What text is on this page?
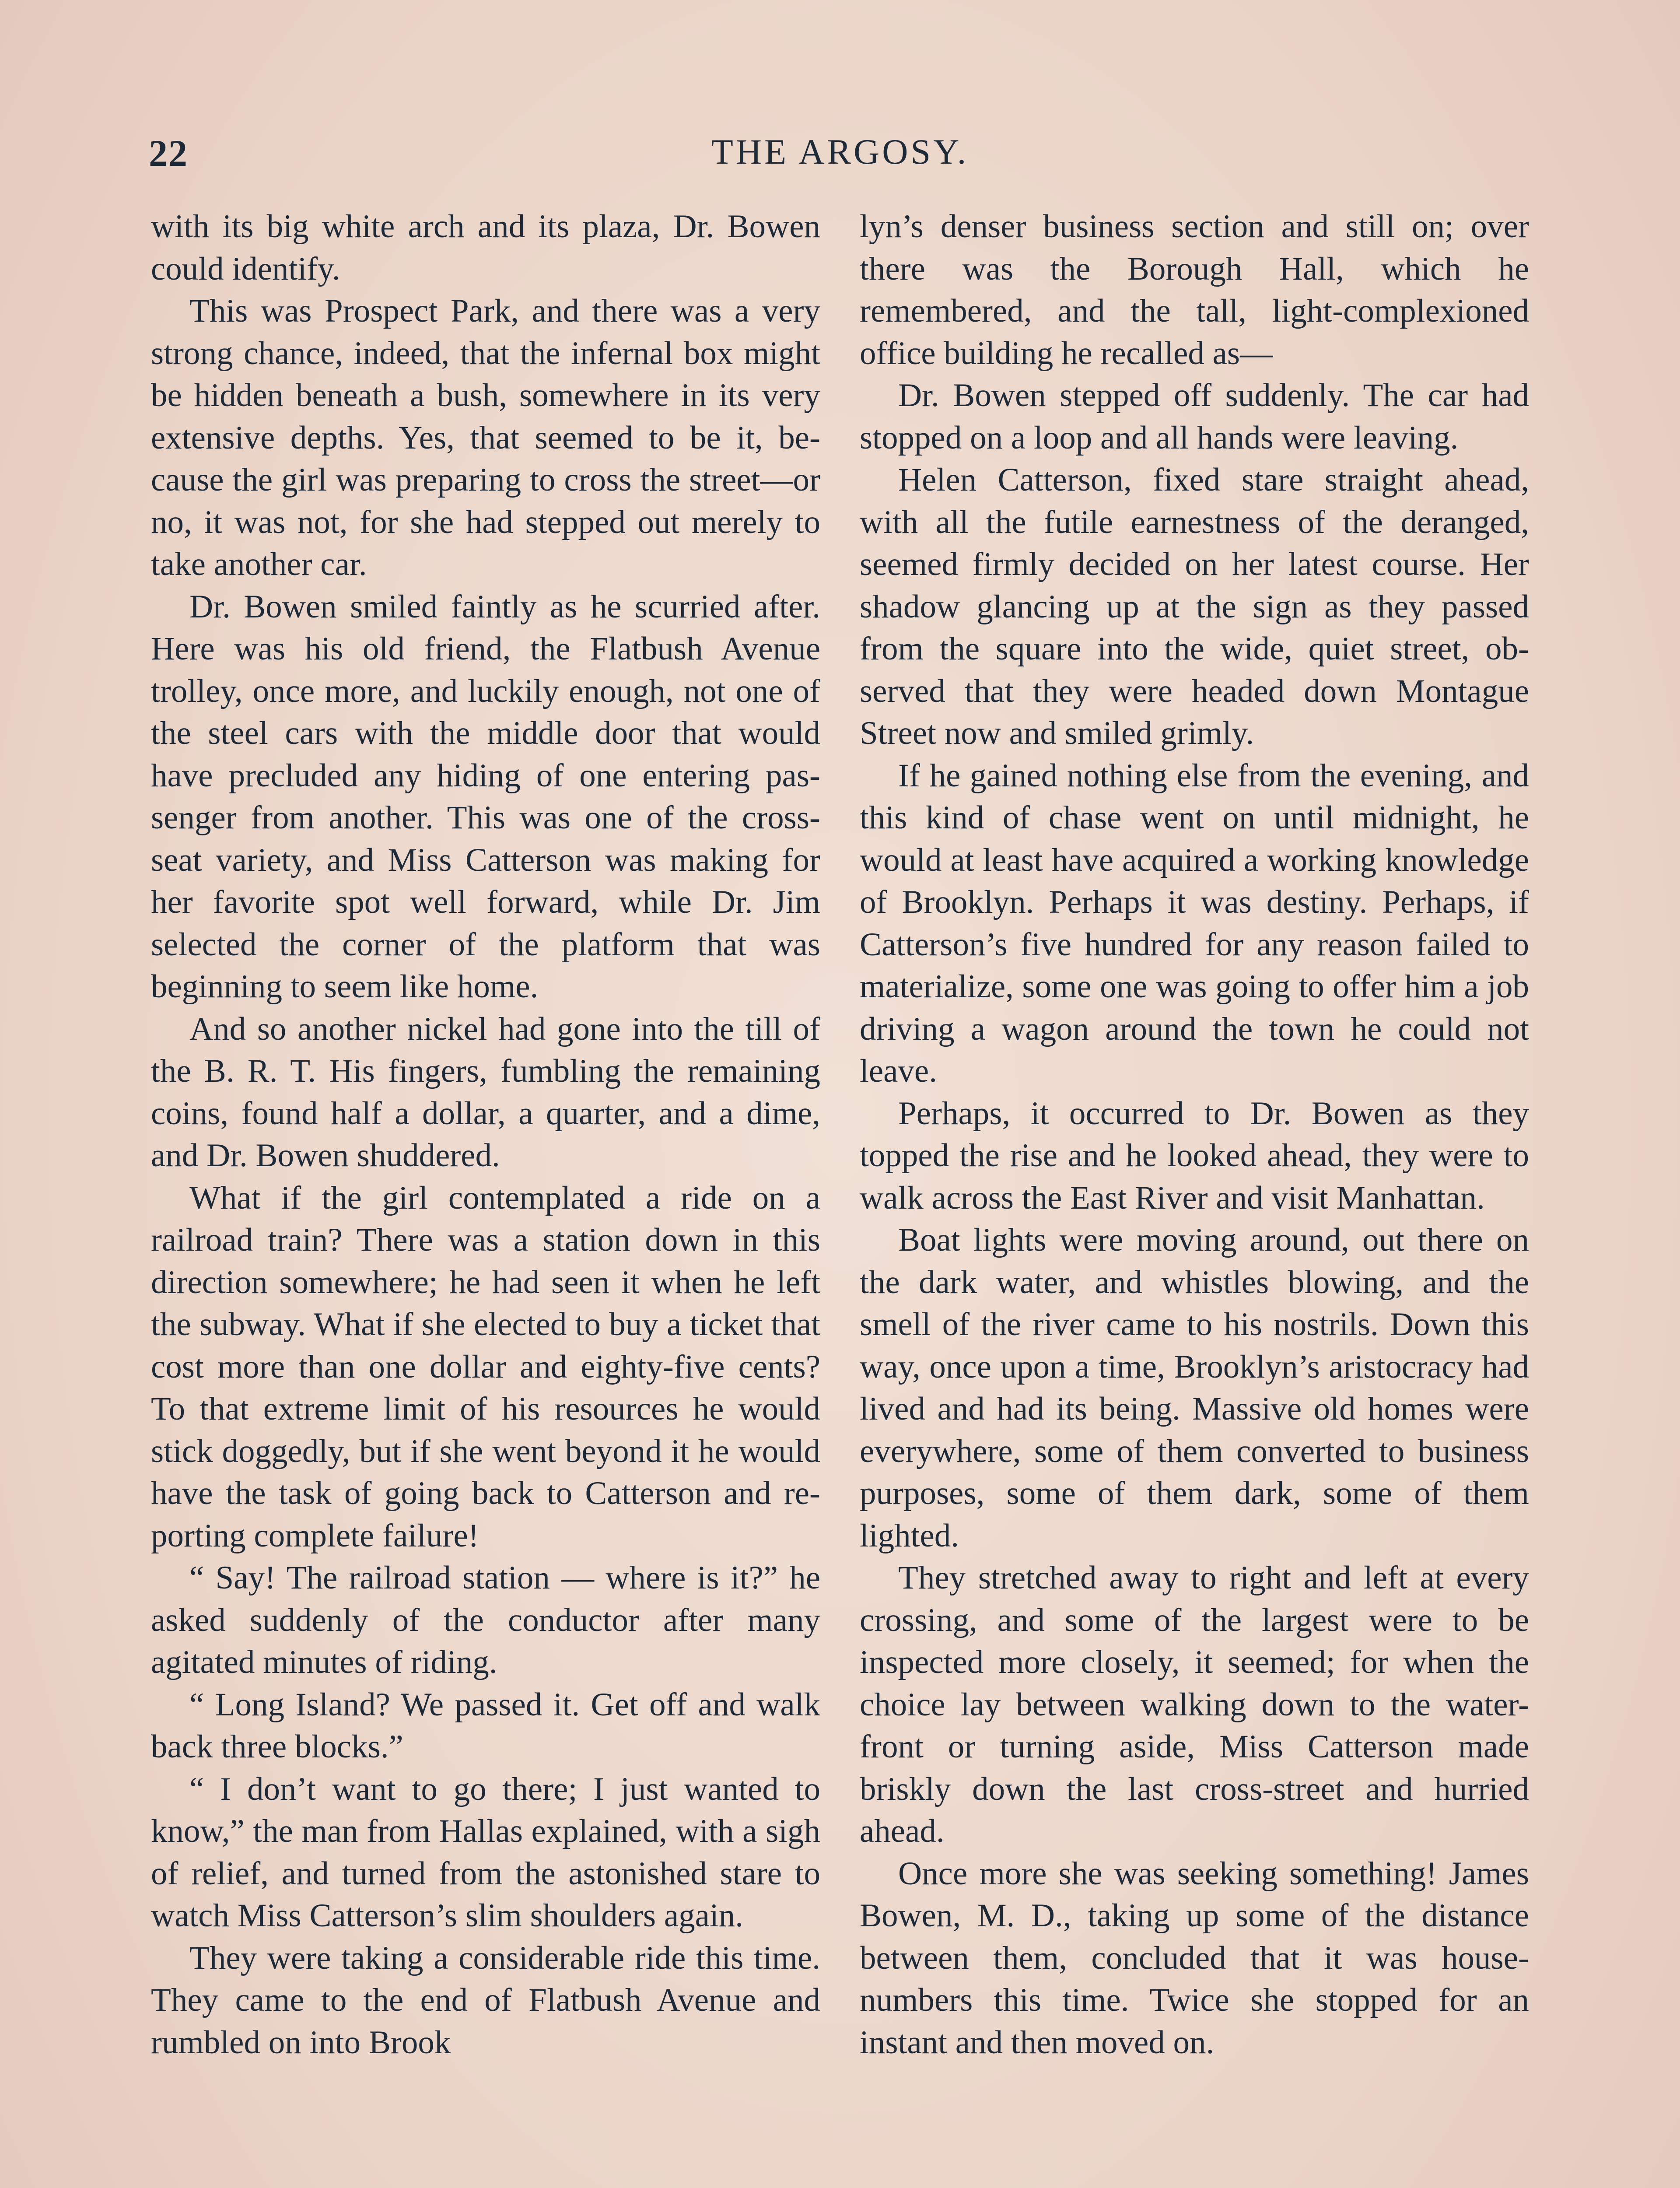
22	THE ARGOSY.

with its big white arch and its plaza, Dr. Bowen could identify.

This was Prospect Park, and there was a very strong chance, indeed, that the infernal box might be hidden beneath a bush, somewhere in its very extensive depths. Yes, that seemed to be it, because the girl was preparing to cross the street—or no, it was not, for she had stepped out merely to take another car.

Dr. Bowen smiled faintly as he scurried after. Here was his old friend, the Flatbush Avenue trolley, once more, and luckily enough, not one of the steel cars with the middle door that would have precluded any hiding of one entering passenger from another. This was one of the cross-seat variety, and Miss Catterson was making for her favorite spot well forward, while Dr. Jim selected the corner of the platform that was beginning to seem like home.

And so another nickel had gone into the till of the B. R. T. His fingers, fumbling the remaining coins, found half a dollar, a quarter, and a dime, and Dr. Bowen shuddered.

What if the girl contemplated a ride on a railroad train? There was a station down in this direction somewhere; he had seen it when he left the subway. What if she elected to buy a ticket that cost more than one dollar and eighty-five cents? To that extreme limit of his resources he would stick doggedly, but if she went beyond it he would have the task of going back to Catterson and reporting complete failure!

“ Say! The railroad station — where is it?” he asked suddenly of the conductor after many agitated minutes of riding.

“ Long Island? We passed it. Get off and walk back three blocks.”

“ I don’t want to go there; I just wanted to know,” the man from Hallas explained, with a sigh of relief, and turned from the astonished stare to watch Miss Catterson’s slim shoulders again.

They were taking a considerable ride this time. They came to the end of Flatbush Avenue and rumbled on into Brook

lyn’s denser business section and still on; over there was the Borough Hall, which he remembered, and the tall, light-complexioned office building he recalled as—

Dr. Bowen stepped off suddenly. The car had stopped on a loop and all hands were leaving.

Helen Catterson, fixed stare straight ahead, with all the futile earnestness of the deranged, seemed firmly decided on her latest course. Her shadow glancing up at the sign as they passed from the square into the wide, quiet street, observed that they were headed down Montague Street now and smiled grimly.

If he gained nothing else from the evening, and this kind of chase went on until midnight, he would at least have acquired a working knowledge of Brooklyn. Perhaps it was destiny. Perhaps, if Catterson’s five hundred for any reason failed to materialize, some one was going to offer him a job driving a wagon around the town he could not leave.

Perhaps, it occurred to Dr. Bowen as they topped the rise and he looked ahead, they were to walk across the East River and visit Manhattan.

Boat lights were moving around, out there on the dark water, and whistles blowing, and the smell of the river came to his nostrils. Down this way, once upon a time, Brooklyn’s aristocracy had lived and had its being. Massive old homes were everywhere, some of them converted to business purposes, some of them dark, some of them lighted.

They stretched away to right and left at every crossing, and some of the largest were to be inspected more closely, it seemed; for when the choice lay between walking down to the water-front or turning aside, Miss Catterson made briskly down the last cross-street and hurried ahead.

Once more she was seeking something! James Bowen, M. D., taking up some of the distance between them, concluded that it was house-numbers this time. Twice she stopped for an instant and then moved on.
